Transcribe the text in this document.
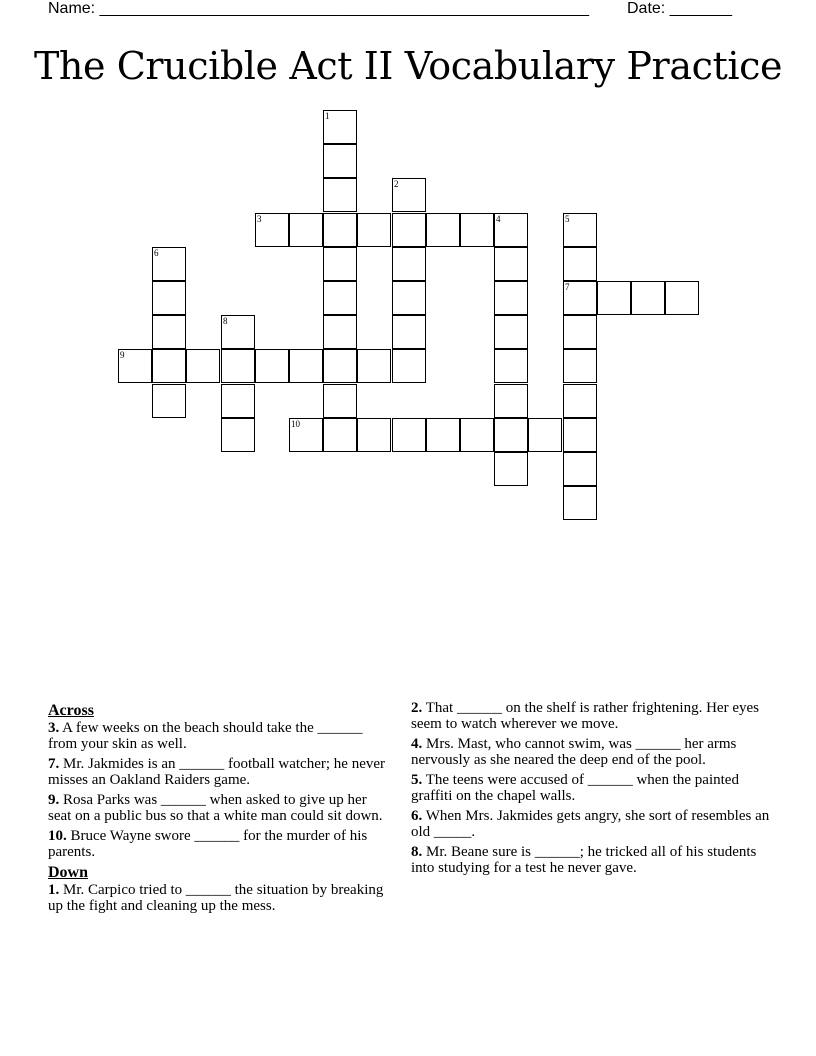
Name: _______________________________________________________ Date: _______
The Crucible Act II Vocabulary Practice
1
2
3	4	5
7
6
8
9
10
Across
3. A few weeks on the beach should take the ______ from your skin as well.
7. Mr. Jakmides is an ______ football watcher; he never misses an Oakland Raiders game.
9. Rosa Parks was ______ when asked to give up her seat on a public bus so that a white man could sit down.
10. Bruce Wayne swore ______ for the murder of his parents.
Down
1. Mr. Carpico tried to ______ the situation by breaking up the fight and cleaning up the mess.
2. That ______ on the shelf is rather frightening. Her eyes seem to watch wherever we move.
4. Mrs. Mast, who cannot swim, was ______ her arms nervously as she neared the deep end of the pool.
5. The teens were accused of ______ when the painted graffiti on the chapel walls.
6. When Mrs. Jakmides gets angry, she sort of resembles an old _____.
8. Mr. Beane sure is ______; he tricked all of his students into studying for a test he never gave.
